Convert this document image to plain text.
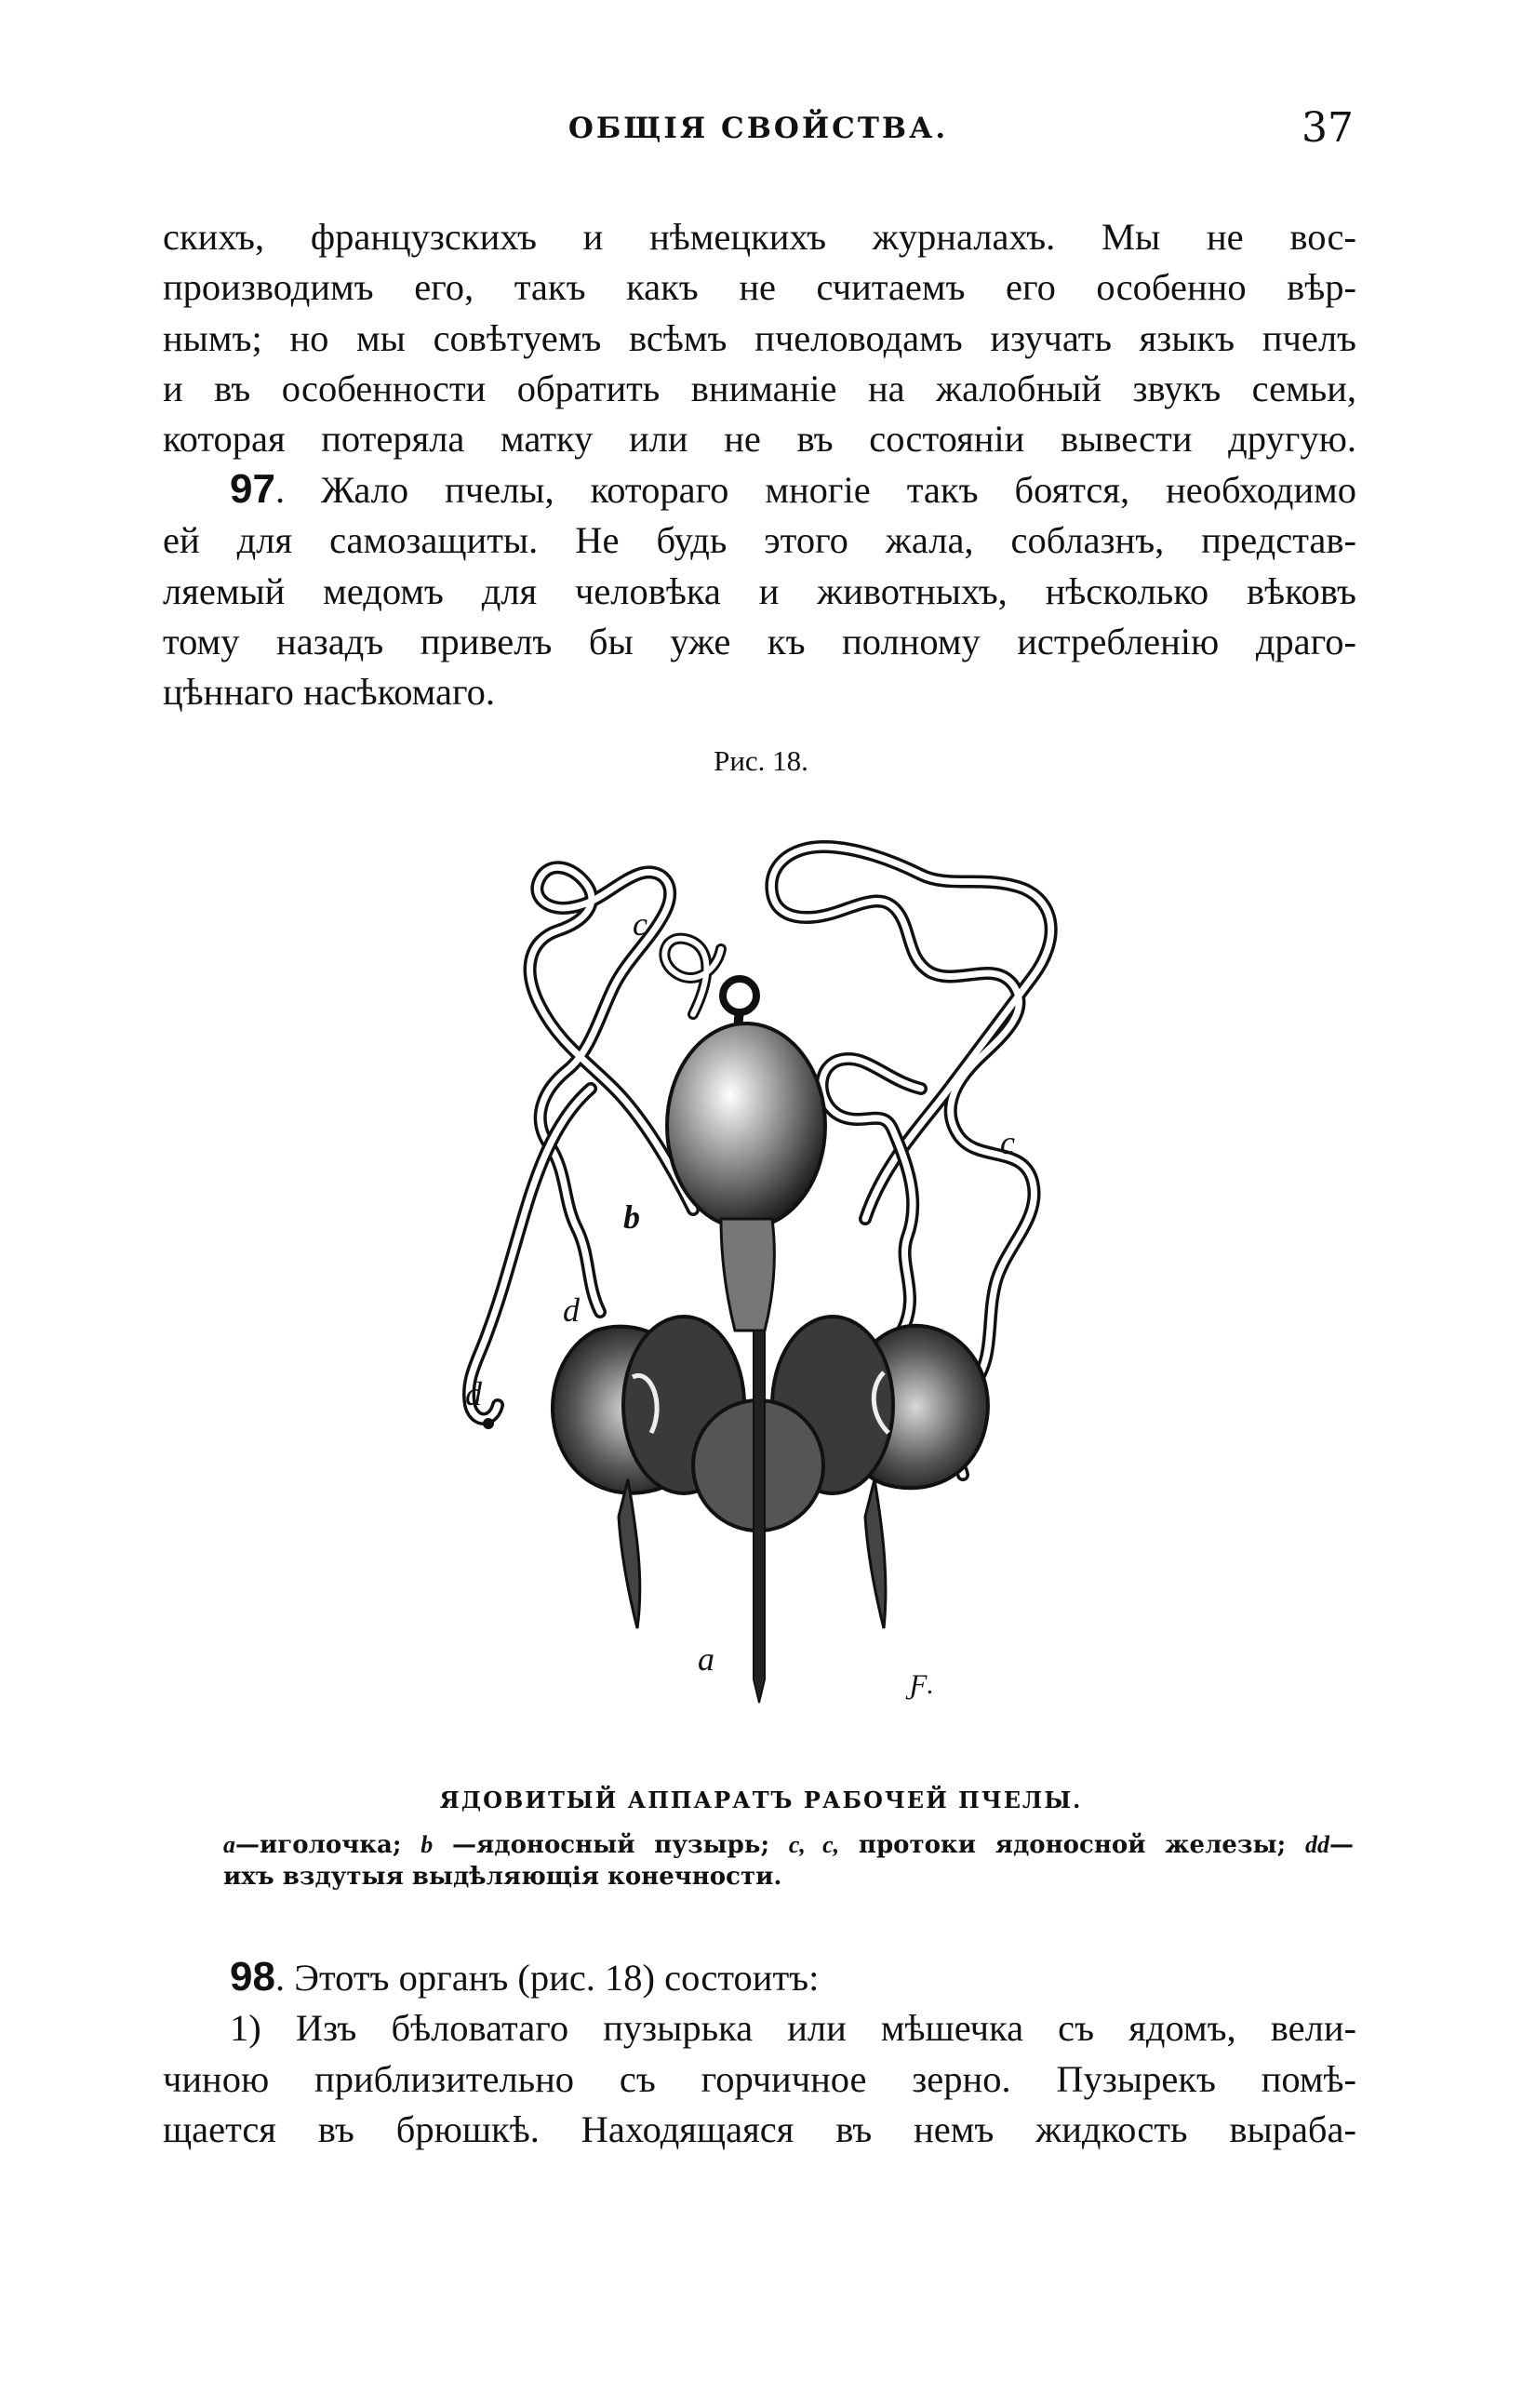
ОБЩІЯ СВОЙСТВА.	37

скихъ, французскихъ и нѣмецкихъ журналахъ. Мы не вос-

производимъ его, такъ какъ не считаемъ его особенно вѣр-

нымъ; но мы совѣтуемъ всѣмъ пчеловодамъ изучать языкъ пчелъ

и въ особенности обратить вниманіе на жалобный звукъ семьи,

которая потеряла матку или не въ состояніи вывести другую.

97. Жало пчелы, котораго многіе такъ боятся, необходимо

ей для самозащиты. Не будь этого жала, соблазнъ, представ-

ляемый медомъ для человѣка и животныхъ, нѣсколько вѣковъ

тому назадъ привелъ бы уже къ полному истребленію драго-

цѣннаго насѣкомаго.

Рис. 18.
c
c
b
d
d
a
Ƒ.
ЯДОВИТЫЙ АППАРАТЪ РАБОЧЕЙ ПЧЕЛЫ.

a—иголочка; b —ядоносный пузырь; c, c, протоки ядоносной железы; dd—

ихъ вздутыя выдѣляющія конечности.

98. Этотъ органъ (рис. 18) состоитъ:

1) Изъ бѣловатаго пузырька или мѣшечка съ ядомъ, вели-

чиною приблизительно съ горчичное зерно. Пузырекъ помѣ-

щается въ брюшкѣ. Находящаяся въ немъ жидкость выраба-
